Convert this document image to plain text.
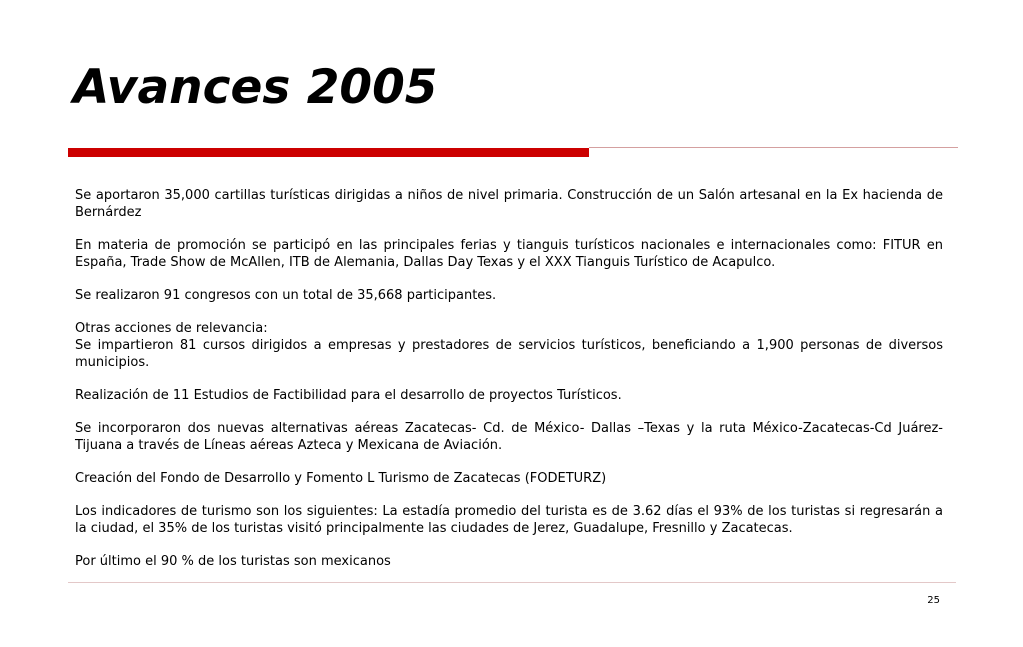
Avances 2005

Se aportaron 35,000 cartillas turísticas dirigidas a niños de nivel primaria. Construcción de un Salón artesanal en la Ex hacienda de Bernárdez

En materia de promoción se participó en las principales ferias y tianguis turísticos nacionales e internacionales como: FITUR en España, Trade Show de McAllen, ITB de Alemania, Dallas Day Texas y el XXX Tianguis Turístico de Acapulco.

Se realizaron 91 congresos con un total de 35,668 participantes.

Otras acciones de relevancia:
Se impartieron 81 cursos dirigidos a empresas y prestadores de servicios turísticos, beneficiando a 1,900 personas de diversos municipios.

Realización de 11 Estudios de Factibilidad para el desarrollo de proyectos Turísticos.

Se incorporaron dos nuevas alternativas aéreas Zacatecas- Cd. de México- Dallas –Texas y la ruta México-Zacatecas-Cd Juárez-Tijuana a través de Líneas aéreas Azteca y Mexicana de Aviación.

Creación del Fondo de Desarrollo y Fomento L Turismo de Zacatecas (FODETURZ)

Los indicadores de turismo son los siguientes: La estadía promedio del turista es de 3.62 días el 93% de los turistas si regresarán a la ciudad, el 35% de los turistas visitó principalmente las ciudades de Jerez, Guadalupe, Fresnillo y Zacatecas.

Por último el 90 % de los turistas son mexicanos

25
